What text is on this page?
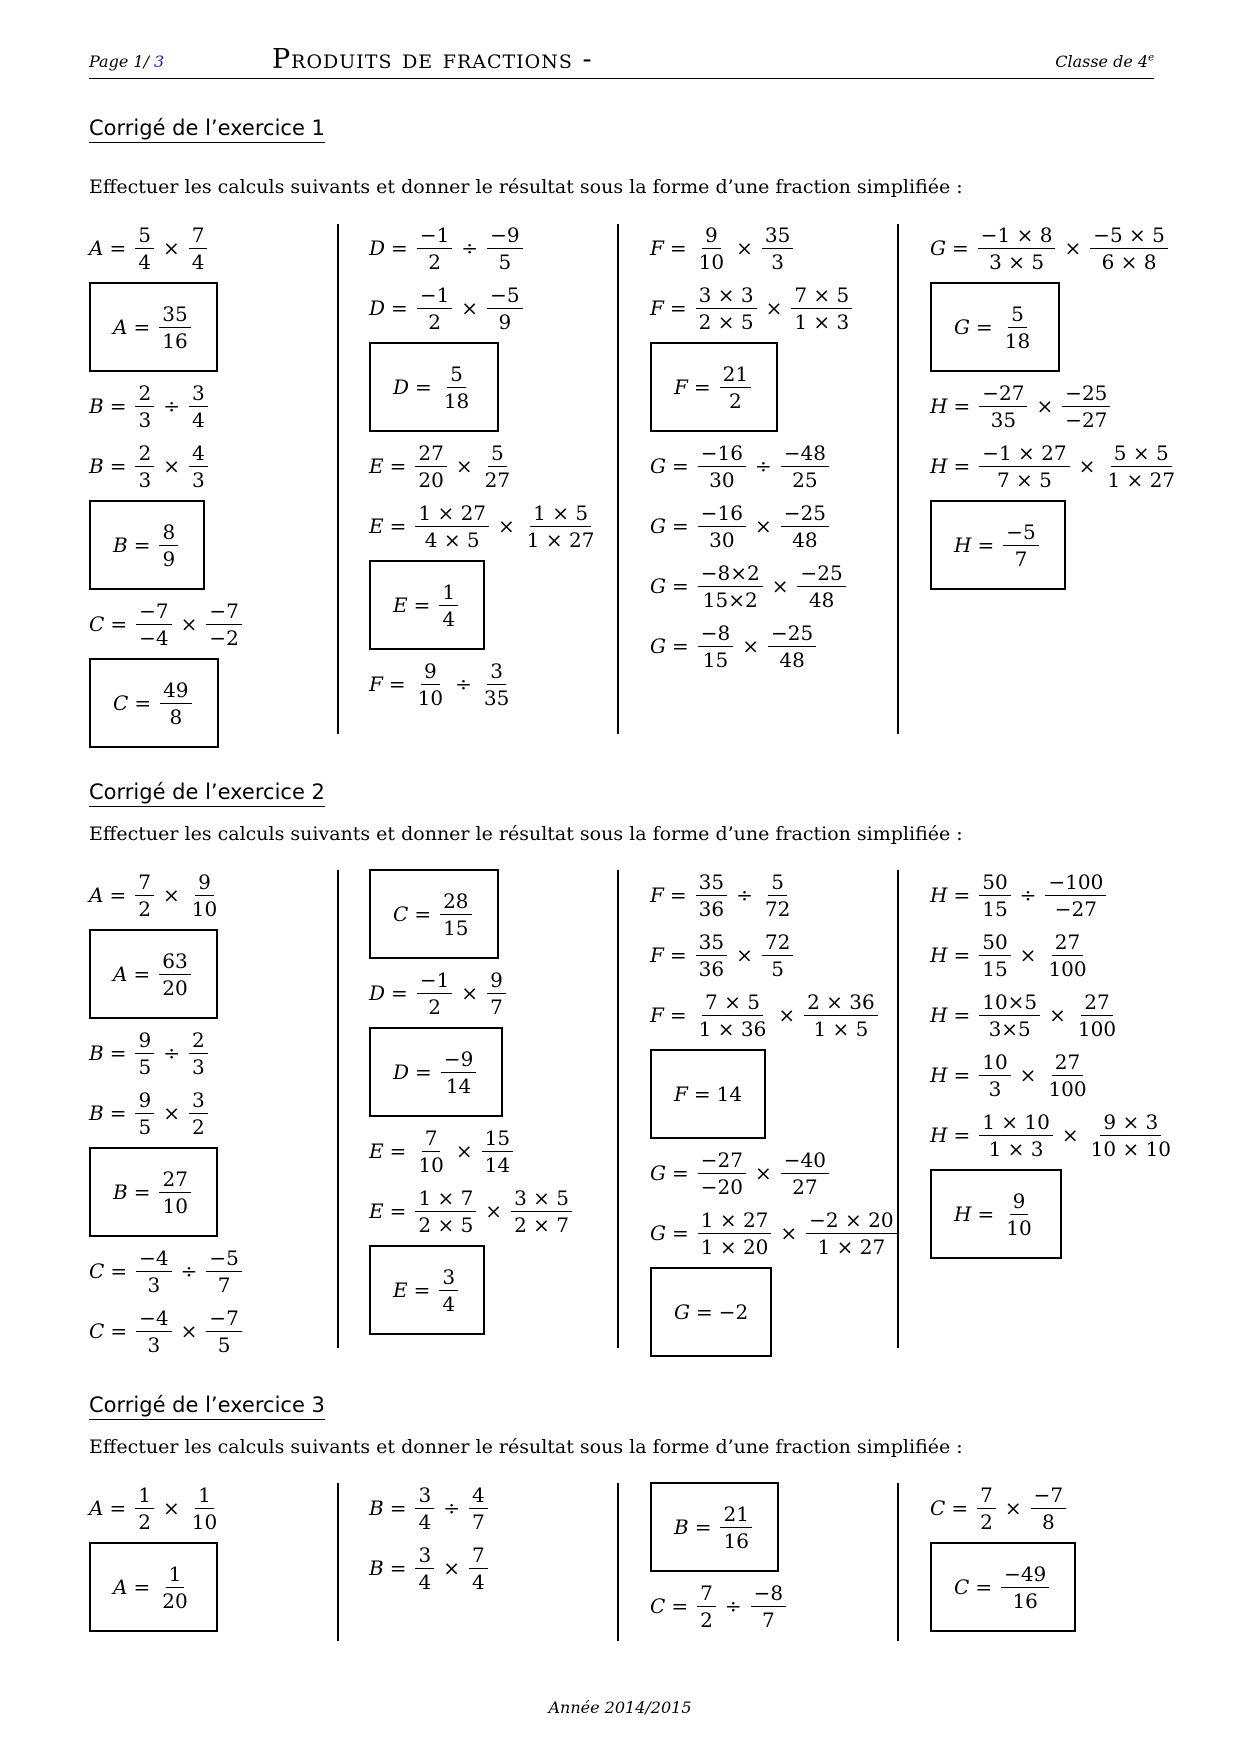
Page 1/ 3	Produits de fractions -	Classe de 4e
Corrigé de l’exercice 1
Effectuer les calculs suivants et donner le résultat sous la forme d’une fraction simplifiée :
$A = \frac{5}{4} \times \frac{7}{4}$
$A = \frac{35}{16}$

$B = \frac{2}{3} \div \frac{3}{4}$
$B = \frac{2}{3} \times \frac{4}{3}$
$B = \frac{8}{9}$

$C = \frac{-7}{-4} \times \frac{-7}{-2}$
$C = \frac{49}{8}$

$D = \frac{-1}{2} \div \frac{-9}{5}$
$D = \frac{-1}{2} \times \frac{-5}{9}$
$D = \frac{5}{18}$

$E = \frac{27}{20} \times \frac{5}{27}$
$E = \frac{1 \times 27}{4 \times 5} \times \frac{1 \times 5}{1 \times 27}$
$E = \frac{1}{4}$

$F = \frac{9}{10} \div \frac{3}{35}$
$F = \frac{9}{10} \times \frac{35}{3}$
$F = \frac{3 \times 3}{2 \times 5} \times \frac{7 \times 5}{1 \times 3}$
$F = \frac{21}{2}$

$G = \frac{-16}{30} \div \frac{-48}{25}$
$G = \frac{-16}{30} \times \frac{-25}{48}$
$G = \frac{-8\times 2}{15\times 2} \times \frac{-25}{48}$
$G = \frac{-8}{15} \times \frac{-25}{48}$
$G = \frac{-1 \times 8}{3 \times 5} \times \frac{-5 \times 5}{6 \times 8}$
$G = \frac{5}{18}$

$H = \frac{-27}{35} \times \frac{-25}{-27}$
$H = \frac{-1 \times 27}{7 \times 5} \times \frac{5 \times 5}{1 \times 27}$
$H = \frac{-5}{7}$

Corrigé de l’exercice 2
Effectuer les calculs suivants et donner le résultat sous la forme d’une fraction simplifiée :
$A = \frac{7}{2} \times \frac{9}{10}$
$A = \frac{63}{20}$

$B = \frac{9}{5} \div \frac{2}{3}$
$B = \frac{9}{5} \times \frac{3}{2}$
$B = \frac{27}{10}$

$C = \frac{-4}{3} \div \frac{-5}{7}$
$C = \frac{-4}{3} \times \frac{-7}{5}$
$C = \frac{28}{15}$

$D = \frac{-1}{2} \times \frac{9}{7}$
$D = \frac{-9}{14}$

$E = \frac{7}{10} \times \frac{15}{14}$
$E = \frac{1 \times 7}{2 \times 5} \times \frac{3 \times 5}{2 \times 7}$
$E = \frac{3}{4}$

$F = \frac{35}{36} \div \frac{5}{72}$
$F = \frac{35}{36} \times \frac{72}{5}$
$F = \frac{7 \times 5}{1 \times 36} \times \frac{2 \times 36}{1 \times 5}$
F = 14

$G = \frac{-27}{-20} \times \frac{-40}{27}$
$G = \frac{1 \times 27}{1 \times 20} \times \frac{-2 \times 20}{1 \times 27}$
G = −2

$H = \frac{50}{15} \div \frac{-100}{-27}$
$H = \frac{50}{15} \times \frac{27}{100}$
$H = \frac{10\times 5}{3\times 5} \times \frac{27}{100}$
$H = \frac{10}{3} \times \frac{27}{100}$
$H = \frac{1 \times 10}{1 \times 3} \times \frac{9 \times 3}{10 \times 10}$
$H = \frac{9}{10}$

Corrigé de l’exercice 3
Effectuer les calculs suivants et donner le résultat sous la forme d’une fraction simplifiée :
$A = \frac{1}{2} \times \frac{1}{10}$
$A = \frac{1}{20}$

$B = \frac{3}{4} \div \frac{4}{7}$
$B = \frac{3}{4} \times \frac{7}{4}$
$B = \frac{21}{16}$

$C = \frac{7}{2} \div \frac{-8}{7}$
$C = \frac{7}{2} \times \frac{-7}{8}$
$C = \frac{-49}{16}$

Année 2014/2015
